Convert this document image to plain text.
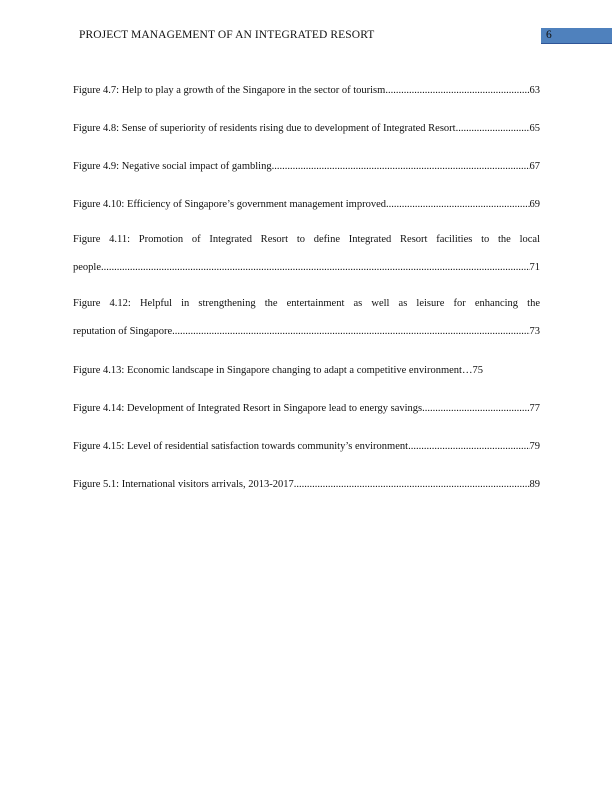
PROJECT MANAGEMENT OF AN INTEGRATED RESORT	6
Figure 4.7: Help to play a growth of the Singapore in the sector of tourism .....	63
Figure 4.8: Sense of superiority of residents rising due to development of Integrated Resort .....	65
Figure 4.9: Negative social impact of gambling .....	67
Figure 4.10: Efficiency of Singapore’s government management improved .....	69
Figure 4.11: Promotion of Integrated Resort to define Integrated Resort facilities to the local
people .....	71
Figure 4.12: Helpful in strengthening the entertainment as well as leisure for enhancing the
reputation of Singapore .....	73
Figure 4.13: Economic landscape in Singapore changing to adapt a competitive environment… 75
Figure 4.14: Development of Integrated Resort in Singapore lead to energy savings .....	77
Figure 4.15: Level of residential satisfaction towards community’s environment .....	79
Figure 5.1: International visitors arrivals, 2013-2017 .....	89
